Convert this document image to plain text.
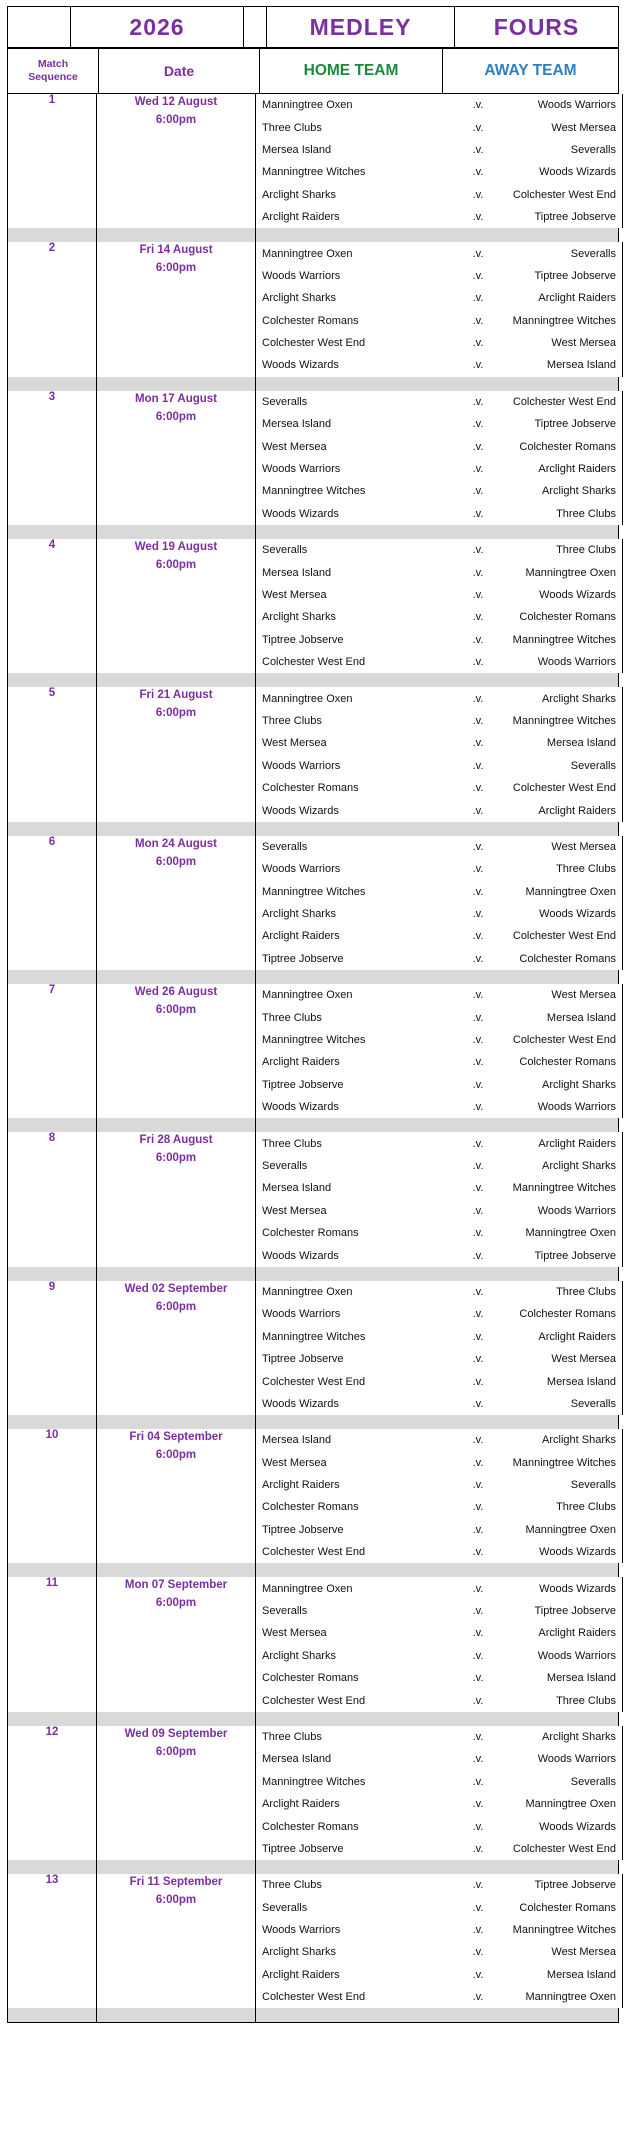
	2026		MEDLEY	FOURS
Match
Sequence	Date	HOME TEAM	AWAY TEAM
1	Wed 12 August
6:00pm

Manningtree Oxen	.v.	Woods Warriors
Three Clubs	.v.	West Mersea
Mersea Island	.v.	Severalls
Manningtree Witches	.v.	Woods Wizards
Arclight Sharks	.v.	Colchester West End
Arclight Raiders	.v.	Tiptree Jobserve

2	Fri 14 August
6:00pm

Manningtree Oxen	.v.	Severalls
Woods Warriors	.v.	Tiptree Jobserve
Arclight Sharks	.v.	Arclight Raiders
Colchester Romans	.v.	Manningtree Witches
Colchester West End	.v.	West Mersea
Woods Wizards	.v.	Mersea Island

3	Mon 17 August
6:00pm

Severalls	.v.	Colchester West End
Mersea Island	.v.	Tiptree Jobserve
West Mersea	.v.	Colchester Romans
Woods Warriors	.v.	Arclight Raiders
Manningtree Witches	.v.	Arclight Sharks
Woods Wizards	.v.	Three Clubs

4	Wed 19 August
6:00pm

Severalls	.v.	Three Clubs
Mersea Island	.v.	Manningtree Oxen
West Mersea	.v.	Woods Wizards
Arclight Sharks	.v.	Colchester Romans
Tiptree Jobserve	.v.	Manningtree Witches
Colchester West End	.v.	Woods Warriors

5	Fri 21 August
6:00pm

Manningtree Oxen	.v.	Arclight Sharks
Three Clubs	.v.	Manningtree Witches
West Mersea	.v.	Mersea Island
Woods Warriors	.v.	Severalls
Colchester Romans	.v.	Colchester West End
Woods Wizards	.v.	Arclight Raiders

6	Mon 24 August
6:00pm

Severalls	.v.	West Mersea
Woods Warriors	.v.	Three Clubs
Manningtree Witches	.v.	Manningtree Oxen
Arclight Sharks	.v.	Woods Wizards
Arclight Raiders	.v.	Colchester West End
Tiptree Jobserve	.v.	Colchester Romans

7	Wed 26 August
6:00pm

Manningtree Oxen	.v.	West Mersea
Three Clubs	.v.	Mersea Island
Manningtree Witches	.v.	Colchester West End
Arclight Raiders	.v.	Colchester Romans
Tiptree Jobserve	.v.	Arclight Sharks
Woods Wizards	.v.	Woods Warriors

8	Fri 28 August
6:00pm

Three Clubs	.v.	Arclight Raiders
Severalls	.v.	Arclight Sharks
Mersea Island	.v.	Manningtree Witches
West Mersea	.v.	Woods Warriors
Colchester Romans	.v.	Manningtree Oxen
Woods Wizards	.v.	Tiptree Jobserve

9	Wed 02 September
6:00pm

Manningtree Oxen	.v.	Three Clubs
Woods Warriors	.v.	Colchester Romans
Manningtree Witches	.v.	Arclight Raiders
Tiptree Jobserve	.v.	West Mersea
Colchester West End	.v.	Mersea Island
Woods Wizards	.v.	Severalls

10	Fri 04 September
6:00pm

Mersea Island	.v.	Arclight Sharks
West Mersea	.v.	Manningtree Witches
Arclight Raiders	.v.	Severalls
Colchester Romans	.v.	Three Clubs
Tiptree Jobserve	.v.	Manningtree Oxen
Colchester West End	.v.	Woods Wizards

11	Mon 07 September
6:00pm

Manningtree Oxen	.v.	Woods Wizards
Severalls	.v.	Tiptree Jobserve
West Mersea	.v.	Arclight Raiders
Arclight Sharks	.v.	Woods Warriors
Colchester Romans	.v.	Mersea Island
Colchester West End	.v.	Three Clubs

12	Wed 09 September
6:00pm

Three Clubs	.v.	Arclight Sharks
Mersea Island	.v.	Woods Warriors
Manningtree Witches	.v.	Severalls
Arclight Raiders	.v.	Manningtree Oxen
Colchester Romans	.v.	Woods Wizards
Tiptree Jobserve	.v.	Colchester West End

13	Fri 11 September
6:00pm

Three Clubs	.v.	Tiptree Jobserve
Severalls	.v.	Colchester Romans
Woods Warriors	.v.	Manningtree Witches
Arclight Sharks	.v.	West Mersea
Arclight Raiders	.v.	Mersea Island
Colchester West End	.v.	Manningtree Oxen
